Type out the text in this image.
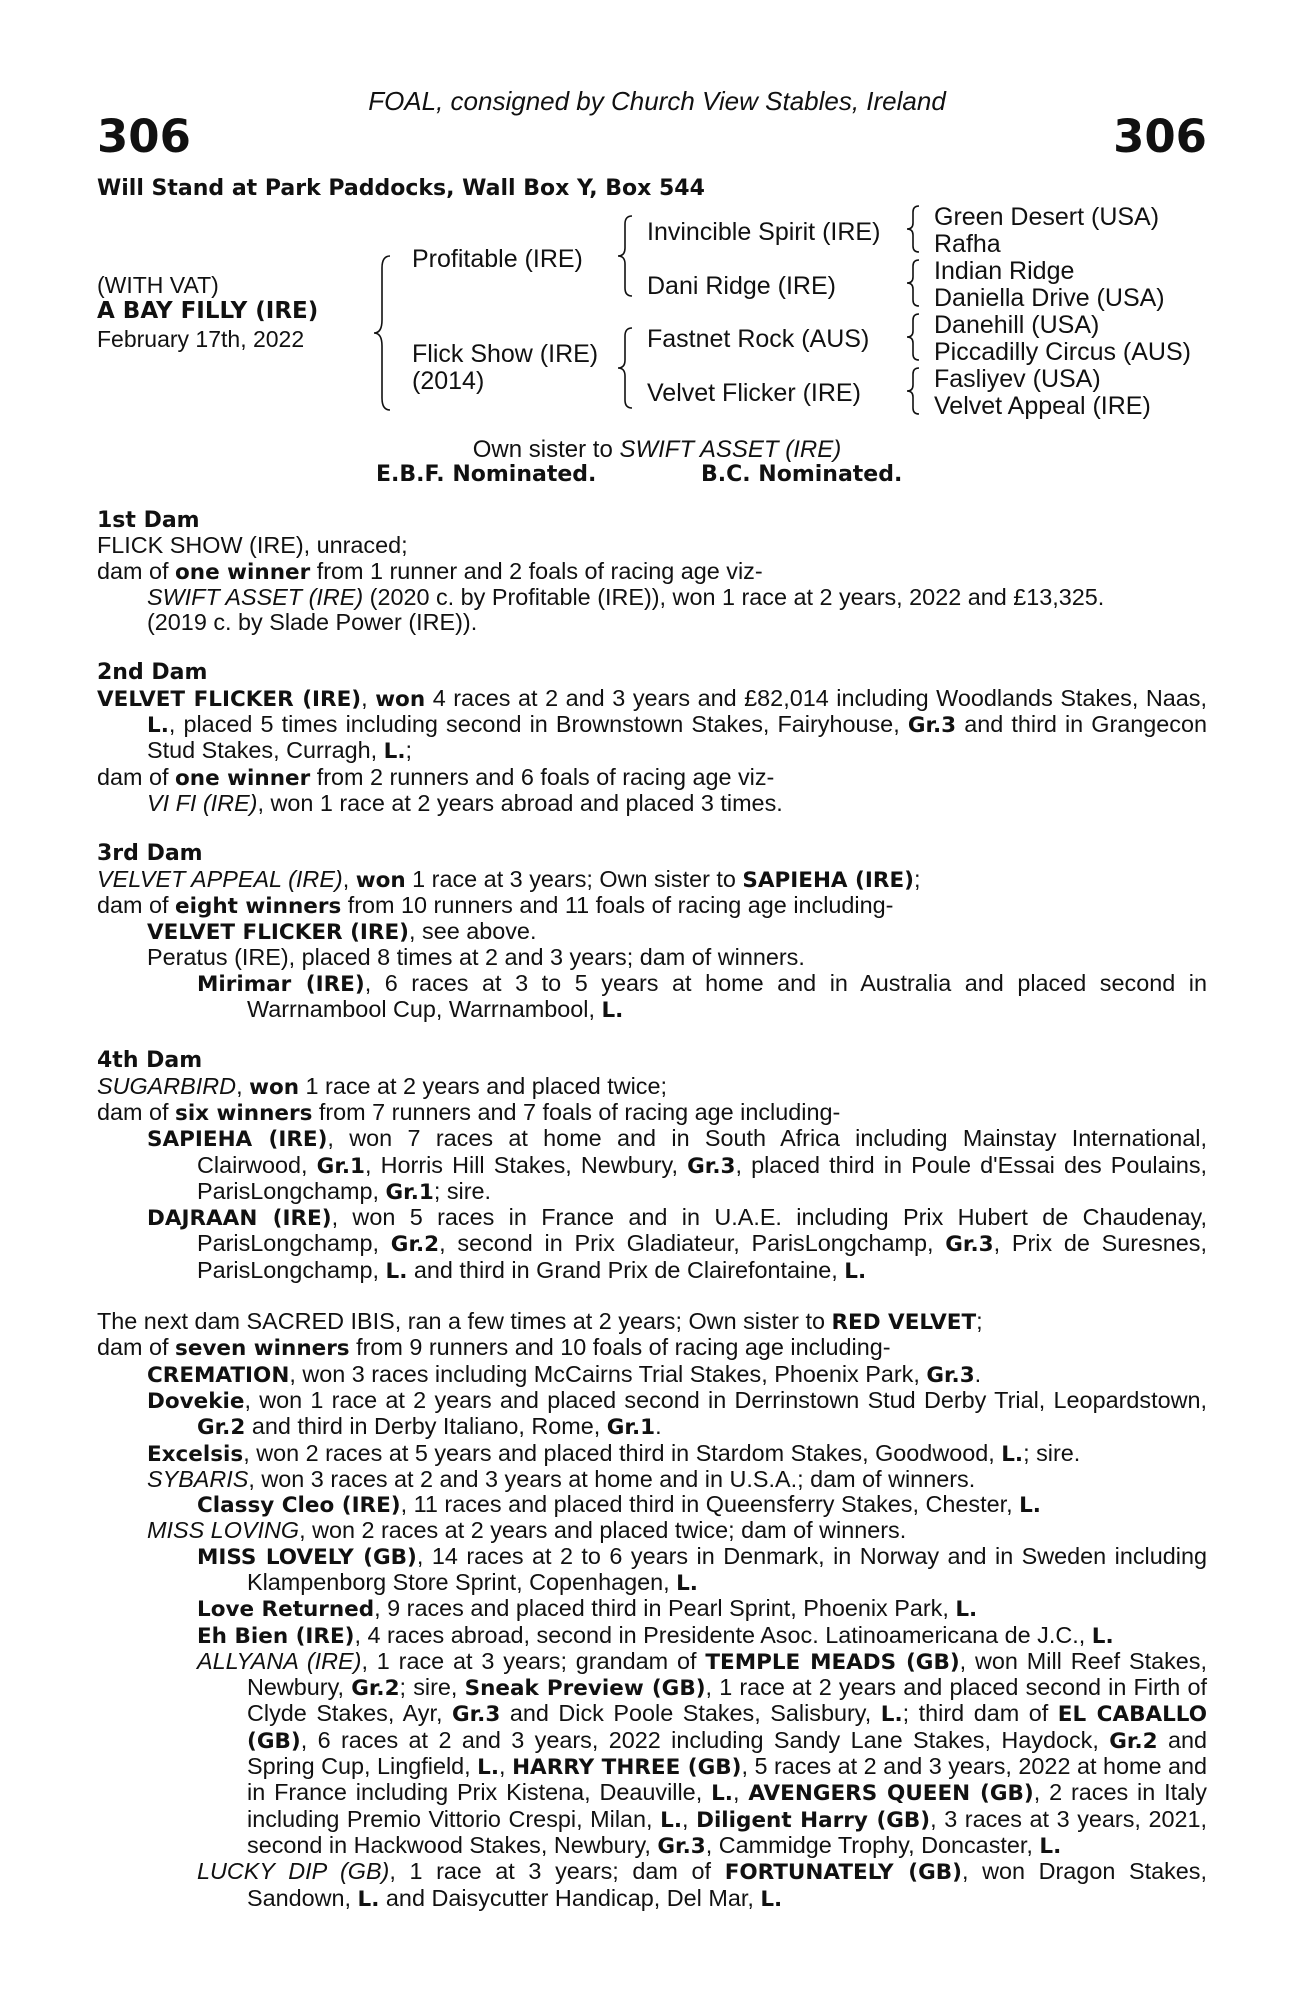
FOAL, consigned by Church View Stables, Ireland
306	306
Will Stand at Park Paddocks, Wall Box Y, Box 544
(WITH VAT)
A BAY FILLY (IRE)
February 17th, 2022
Profitable (IRE)
Flick Show (IRE)
(2014)
Invincible Spirit (IRE)
Dani Ridge (IRE)
Fastnet Rock (AUS)
Velvet Flicker (IRE)
Green Desert (USA)
Rafha
Indian Ridge
Daniella Drive (USA)
Danehill (USA)
Piccadilly Circus (AUS)
Fasliyev (USA)
Velvet Appeal (IRE)
Own sister to SWIFT ASSET (IRE)
E.B.F. Nominated.	B.C. Nominated.

1st Dam

FLICK SHOW (IRE), unraced;

dam of one winner from 1 runner and 2 foals of racing age viz-

SWIFT ASSET (IRE) (2020 c. by Profitable (IRE)), won 1 race at 2 years, 2022 and £13,325.

(2019 c. by Slade Power (IRE)).

2nd Dam

VELVET FLICKER (IRE), won 4 races at 2 and 3 years and £82,014 including Woodlands Stakes, Naas, L., placed 5 times including second in Brownstown Stakes, Fairyhouse, Gr.3 and third in Grangecon Stud Stakes, Curragh, L.;

dam of one winner from 2 runners and 6 foals of racing age viz-

VI FI (IRE), won 1 race at 2 years abroad and placed 3 times.

3rd Dam

VELVET APPEAL (IRE), won 1 race at 3 years; Own sister to SAPIEHA (IRE);

dam of eight winners from 10 runners and 11 foals of racing age including-

VELVET FLICKER (IRE), see above.

Peratus (IRE), placed 8 times at 2 and 3 years; dam of winners.

Mirimar (IRE), 6 races at 3 to 5 years at home and in Australia and placed second in Warrnambool Cup, Warrnambool, L.

4th Dam

SUGARBIRD, won 1 race at 2 years and placed twice;

dam of six winners from 7 runners and 7 foals of racing age including-

SAPIEHA (IRE), won 7 races at home and in South Africa including Mainstay International, Clairwood, Gr.1, Horris Hill Stakes, Newbury, Gr.3, placed third in Poule d'Essai des Poulains, ParisLongchamp, Gr.1; sire.

DAJRAAN (IRE), won 5 races in France and in U.A.E. including Prix Hubert de Chaudenay, ParisLongchamp, Gr.2, second in Prix Gladiateur, ParisLongchamp, Gr.3, Prix de Suresnes, ParisLongchamp, L. and third in Grand Prix de Clairefontaine, L.

The next dam SACRED IBIS, ran a few times at 2 years; Own sister to RED VELVET;

dam of seven winners from 9 runners and 10 foals of racing age including-

CREMATION, won 3 races including McCairns Trial Stakes, Phoenix Park, Gr.3.

Dovekie, won 1 race at 2 years and placed second in Derrinstown Stud Derby Trial, Leopardstown, Gr.2 and third in Derby Italiano, Rome, Gr.1.

Excelsis, won 2 races at 5 years and placed third in Stardom Stakes, Goodwood, L.; sire.

SYBARIS, won 3 races at 2 and 3 years at home and in U.S.A.; dam of winners.

Classy Cleo (IRE), 11 races and placed third in Queensferry Stakes, Chester, L.

MISS LOVING, won 2 races at 2 years and placed twice; dam of winners.

MISS LOVELY (GB), 14 races at 2 to 6 years in Denmark, in Norway and in Sweden including Klampenborg Store Sprint, Copenhagen, L.

Love Returned, 9 races and placed third in Pearl Sprint, Phoenix Park, L.

Eh Bien (IRE), 4 races abroad, second in Presidente Asoc. Latinoamericana de J.C., L.

ALLYANA (IRE), 1 race at 3 years; grandam of TEMPLE MEADS (GB), won Mill Reef Stakes, Newbury, Gr.2; sire, Sneak Preview (GB), 1 race at 2 years and placed second in Firth of Clyde Stakes, Ayr, Gr.3 and Dick Poole Stakes, Salisbury, L.; third dam of EL CABALLO (GB), 6 races at 2 and 3 years, 2022 including Sandy Lane Stakes, Haydock, Gr.2 and Spring Cup, Lingfield, L., HARRY THREE (GB), 5 races at 2 and 3 years, 2022 at home and in France including Prix Kistena, Deauville, L., AVENGERS QUEEN (GB), 2 races in Italy including Premio Vittorio Crespi, Milan, L., Diligent Harry (GB), 3 races at 3 years, 2021, second in Hackwood Stakes, Newbury, Gr.3, Cammidge Trophy, Doncaster, L.

LUCKY DIP (GB), 1 race at 3 years; dam of FORTUNATELY (GB), won Dragon Stakes, Sandown, L. and Daisycutter Handicap, Del Mar, L.
